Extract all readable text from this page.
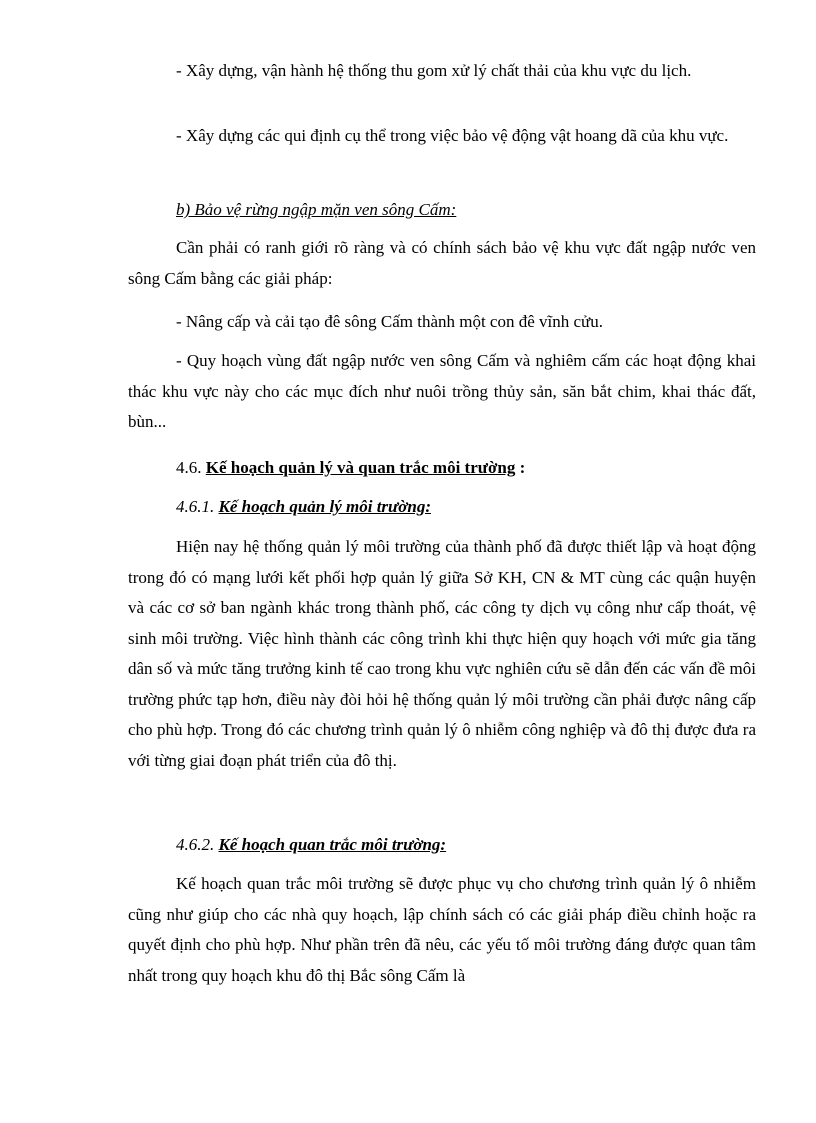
- Xây dựng, vận hành hệ thống thu gom xử lý chất thải của khu vực du lịch.

- Xây dựng các qui định cụ thể trong việc bảo vệ động vật hoang dã của khu vực.

b) Bảo vệ rừng ngập mặn ven sông Cấm:

Cần phải có ranh giới rõ ràng và có chính sách bảo vệ khu vực đất ngập nước ven sông Cấm bằng các giải pháp:

- Nâng cấp và cải tạo đê sông Cấm thành một con đê vĩnh cửu.

- Quy hoạch vùng đất ngập nước ven sông Cấm và nghiêm cấm các hoạt động khai thác khu vực này cho các mục đích như nuôi trồng thủy sản, săn bắt chim, khai thác đất, bùn...

4.6. Kế hoạch quản lý và quan trắc môi trường :

4.6.1. Kế hoạch quản lý môi trường:

Hiện nay hệ thống quản lý môi trường của thành phố đã được thiết lập và hoạt động trong đó có mạng lưới kết phối hợp quản lý giữa Sở KH, CN & MT cùng các quận huyện và các cơ sở ban ngành khác trong thành phố, các công ty dịch vụ công như cấp thoát, vệ sinh môi trường. Việc hình thành các công trình khi thực hiện quy hoạch với mức gia tăng dân số và mức tăng trưởng kinh tế cao trong khu vực nghiên cứu sẽ dẫn đến các vấn đề môi trường phức tạp hơn, điều này đòi hỏi hệ thống quản lý môi trường cần phải được nâng cấp cho phù hợp. Trong đó các chương trình quản lý ô nhiễm công nghiệp và đô thị được đưa ra với từng giai đoạn phát triển của đô thị.

4.6.2. Kế hoạch quan trắc môi trường:

Kế hoạch quan trắc môi trường sẽ được phục vụ cho chương trình quản lý ô nhiễm cũng như giúp cho các nhà quy hoạch, lập chính sách có các giải pháp điều chỉnh hoặc ra quyết định cho phù hợp. Như phần trên đã nêu, các yếu tố môi trường đáng được quan tâm nhất trong quy hoạch khu đô thị Bắc sông Cấm là
